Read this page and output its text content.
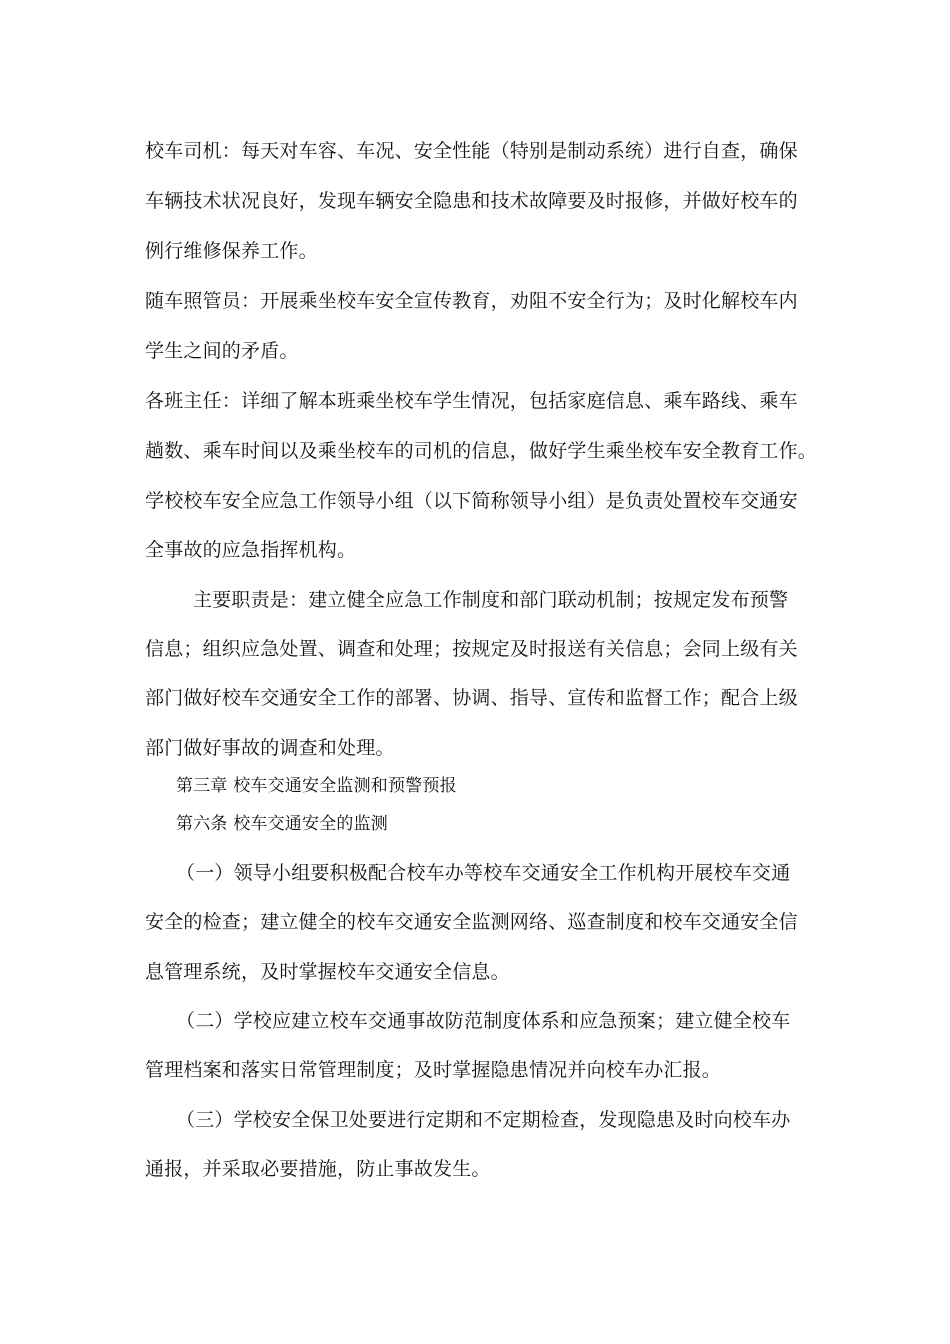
校车司机：每天对车容、车况、安全性能（特别是制动系统）进行自查，确保
车辆技术状况良好，发现车辆安全隐患和技术故障要及时报修，并做好校车的
例行维修保养工作。
随车照管员：开展乘坐校车安全宣传教育，劝阻不安全行为；及时化解校车内
学生之间的矛盾。
各班主任：详细了解本班乘坐校车学生情况，包括家庭信息、乘车路线、乘车
趟数、乘车时间以及乘坐校车的司机的信息，做好学生乘坐校车安全教育工作。
学校校车安全应急工作领导小组（以下简称领导小组）是负责处置校车交通安
全事故的应急指挥机构。
主要职责是：建立健全应急工作制度和部门联动机制；按规定发布预警
信息；组织应急处置、调查和处理；按规定及时报送有关信息；会同上级有关
部门做好校车交通安全工作的部署、协调、指导、宣传和监督工作；配合上级
部门做好事故的调查和处理。
第三章 校车交通安全监测和预警预报
第六条 校车交通安全的监测
（一）领导小组要积极配合校车办等校车交通安全工作机构开展校车交通
安全的检查；建立健全的校车交通安全监测网络、巡查制度和校车交通安全信
息管理系统，及时掌握校车交通安全信息。
（二）学校应建立校车交通事故防范制度体系和应急预案；建立健全校车
管理档案和落实日常管理制度；及时掌握隐患情况并向校车办汇报。
（三）学校安全保卫处要进行定期和不定期检查，发现隐患及时向校车办
通报，并采取必要措施，防止事故发生。
